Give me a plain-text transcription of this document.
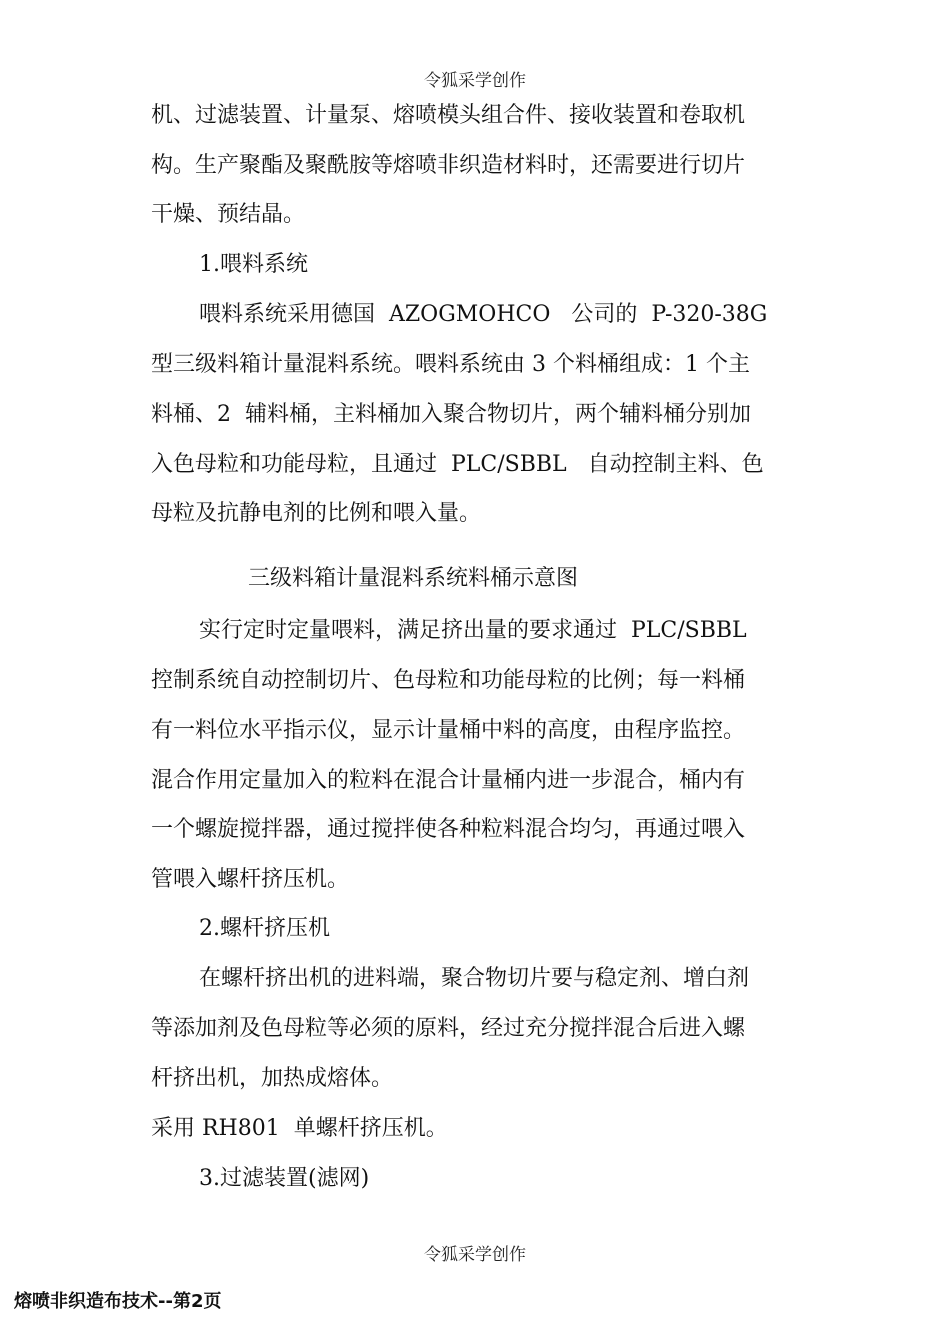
令狐采学创作
机、过滤装置、计量泵、熔喷模头组合件、接收装置和卷取机
构。生产聚酯及聚酰胺等熔喷非织造材料时，还需要进行切片
干燥、预结晶。
1.喂料系统
喂料系统采用德国  AZOGMOHCO   公司的  P-320-38G
型三级料箱计量混料系统。喂料系统由 3 个料桶组成：1 个主
料桶、2  辅料桶，主料桶加入聚合物切片，两个辅料桶分别加
入色母粒和功能母粒，且通过  PLC/SBBL   自动控制主料、色
母粒及抗静电剂的比例和喂入量。
三级料箱计量混料系统料桶示意图
实行定时定量喂料，满足挤出量的要求通过  PLC/SBBL
控制系统自动控制切片、色母粒和功能母粒的比例；每一料桶
有一料位水平指示仪，显示计量桶中料的高度，由程序监控。
混合作用定量加入的粒料在混合计量桶内进一步混合，桶内有
一个螺旋搅拌器，通过搅拌使各种粒料混合均匀，再通过喂入
管喂入螺杆挤压机。
2.螺杆挤压机
在螺杆挤出机的进料端，聚合物切片要与稳定剂、增白剂
等添加剂及色母粒等必须的原料，经过充分搅拌混合后进入螺
杆挤出机，加热成熔体。
采用 RH801  单螺杆挤压机。
3.过滤装置(滤网)
令狐采学创作
熔喷非织造布技术--第2页
